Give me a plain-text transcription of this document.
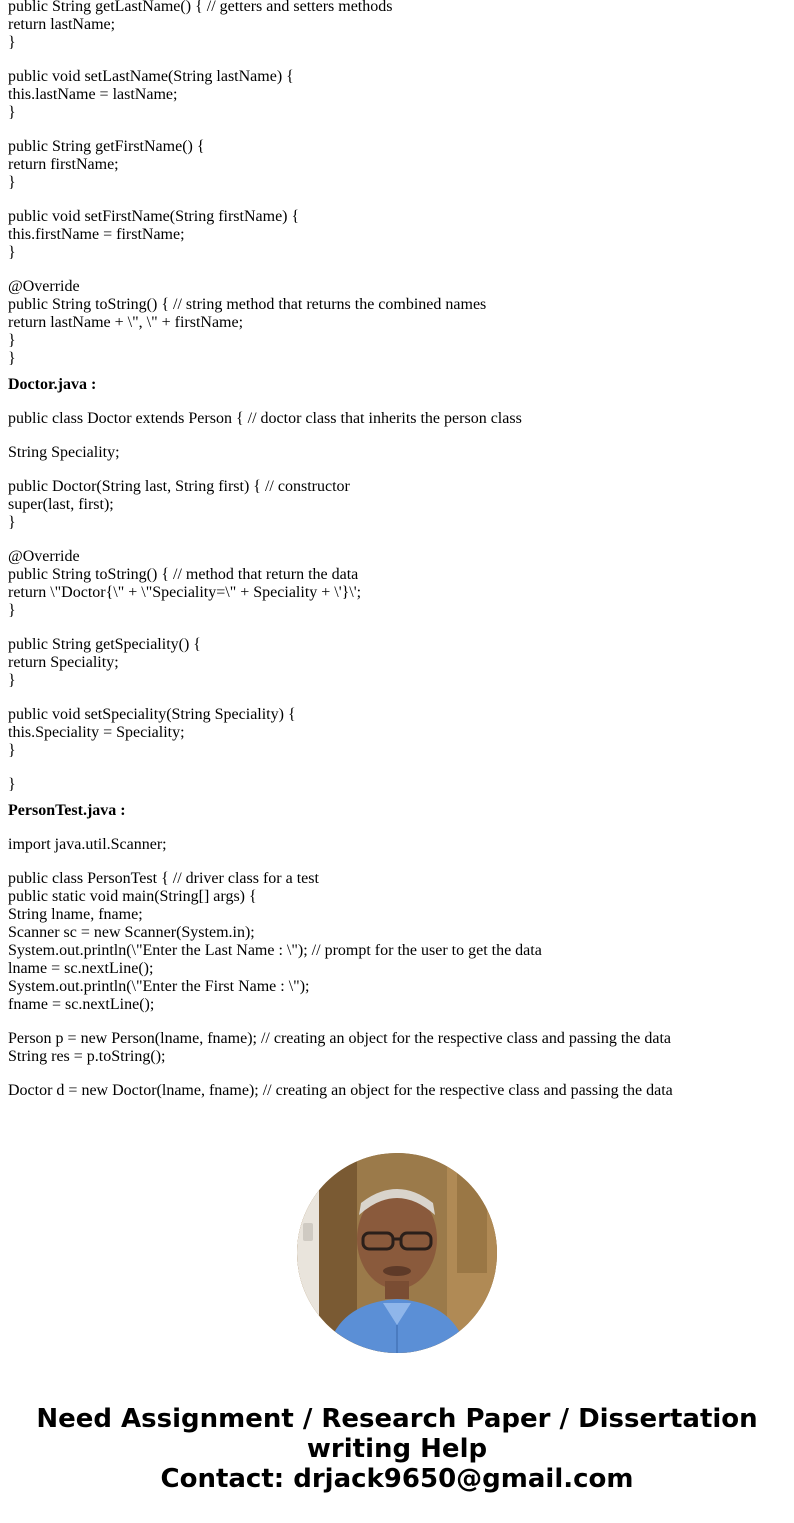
public String getLastName() { // getters and setters methods
return lastName;
}
public void setLastName(String lastName) {
this.lastName = lastName;
}
public String getFirstName() {
return firstName;
}
public void setFirstName(String firstName) {
this.firstName = firstName;
}
@Override
public String toString() { // string method that returns the combined names
return lastName + \", \" + firstName;
}
}
Doctor.java :
public class Doctor extends Person { // doctor class that inherits the person class
String Speciality;
public Doctor(String last, String first) { // constructor
super(last, first);
}
@Override
public String toString() { // method that return the data
return \"Doctor{\" + \"Speciality=\" + Speciality + \'}\';
}
public String getSpeciality() {
return Speciality;
}
public void setSpeciality(String Speciality) {
this.Speciality = Speciality;
}
}
PersonTest.java :
import java.util.Scanner;
public class PersonTest { // driver class for a test
public static void main(String[] args) {
String lname, fname;
Scanner sc = new Scanner(System.in);
System.out.println(\"Enter the Last Name : \"); // prompt for the user to get the data
lname = sc.nextLine();
System.out.println(\"Enter the First Name : \");
fname = sc.nextLine();
Person p = new Person(lname, fname); // creating an object for the respective class and passing the data
String res = p.toString();
Doctor d = new Doctor(lname, fname); // creating an object for the respective class and passing the data
Need Assignment / Research Paper / Dissertation
writing Help
Contact: drjack9650@gmail.com
